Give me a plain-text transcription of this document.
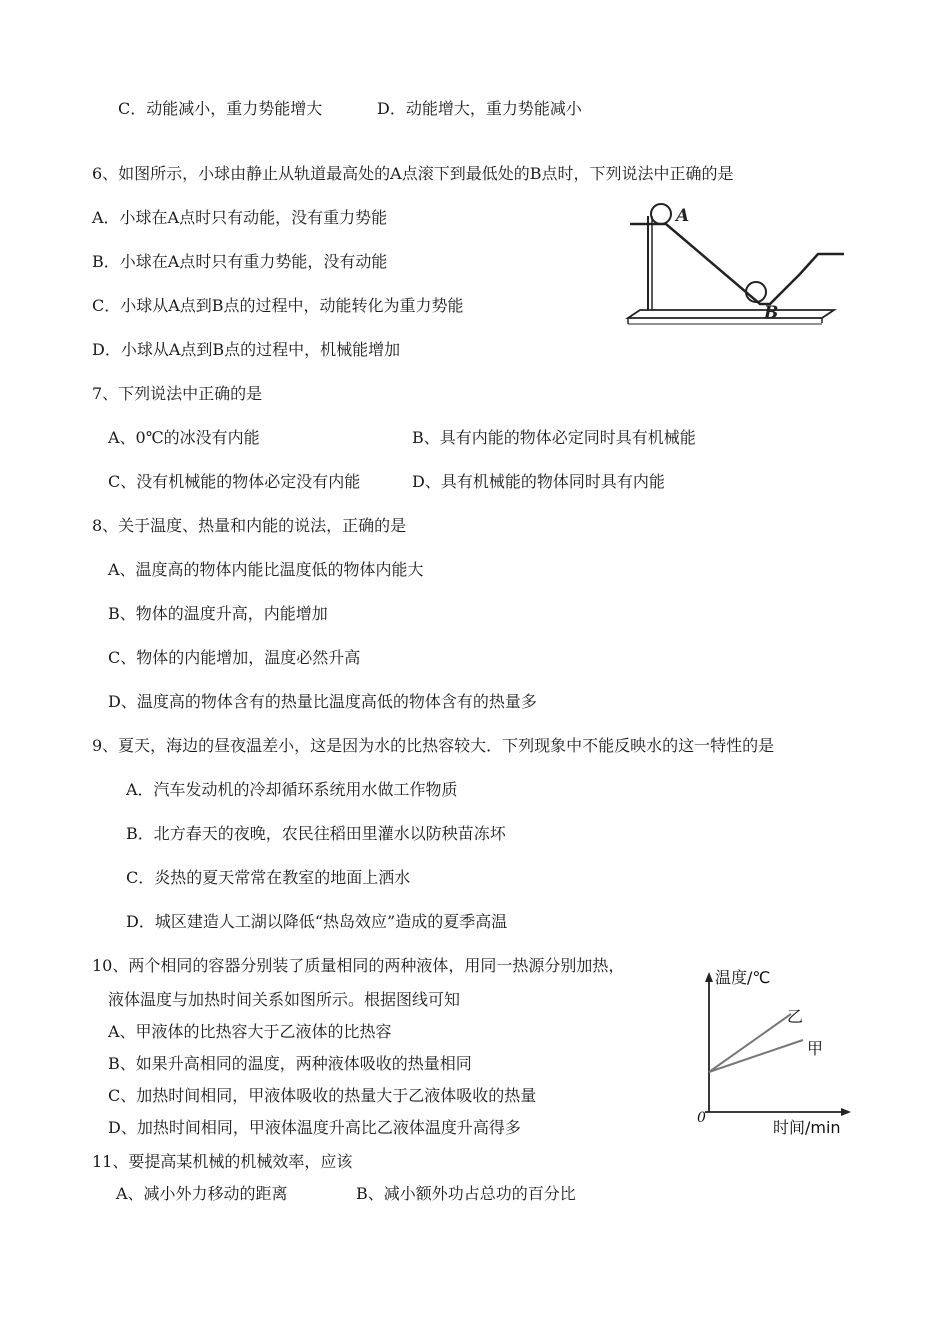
C．动能减小，重力势能增大	D．动能增大，重力势能减小
6、如图所示，小球由静止从轨道最高处的A点滚下到最低处的B点时，下列说法中正确的是
A．小球在A点时只有动能，没有重力势能
B．小球在A点时只有重力势能，没有动能
C．小球从A点到B点的过程中，动能转化为重力势能
D．小球从A点到B点的过程中，机械能增加
A
B
7、下列说法中正确的是
A、0℃的冰没有内能	B、具有内能的物体必定同时具有机械能
C、没有机械能的物体必定没有内能	D、具有机械能的物体同时具有内能
8、关于温度、热量和内能的说法，正确的是
A、温度高的物体内能比温度低的物体内能大
B、物体的温度升高，内能增加
C、物体的内能增加，温度必然升高
D、温度高的物体含有的热量比温度高低的物体含有的热量多
9、夏天，海边的昼夜温差小，这是因为水的比热容较大．下列现象中不能反映水的这一特性的是
A．汽车发动机的冷却循环系统用水做工作物质
B．北方春天的夜晚，农民往稻田里灌水以防秧苗冻坏
C．炎热的夏天常常在教室的地面上洒水
D．城区建造人工湖以降低“热岛效应”造成的夏季高温
10、两个相同的容器分别装了质量相同的两种液体，用同一热源分别加热，
液体温度与加热时间关系如图所示。根据图线可知
A、甲液体的比热容大于乙液体的比热容
B、如果升高相同的温度，两种液体吸收的热量相同
C、加热时间相同，甲液体吸收的热量大于乙液体吸收的热量
D、加热时间相同，甲液体温度升高比乙液体温度升高得多
温度/℃
时间/min
0
乙
甲
11、要提高某机械的机械效率，应该
A、减小外力移动的距离	B、减小额外功占总功的百分比
